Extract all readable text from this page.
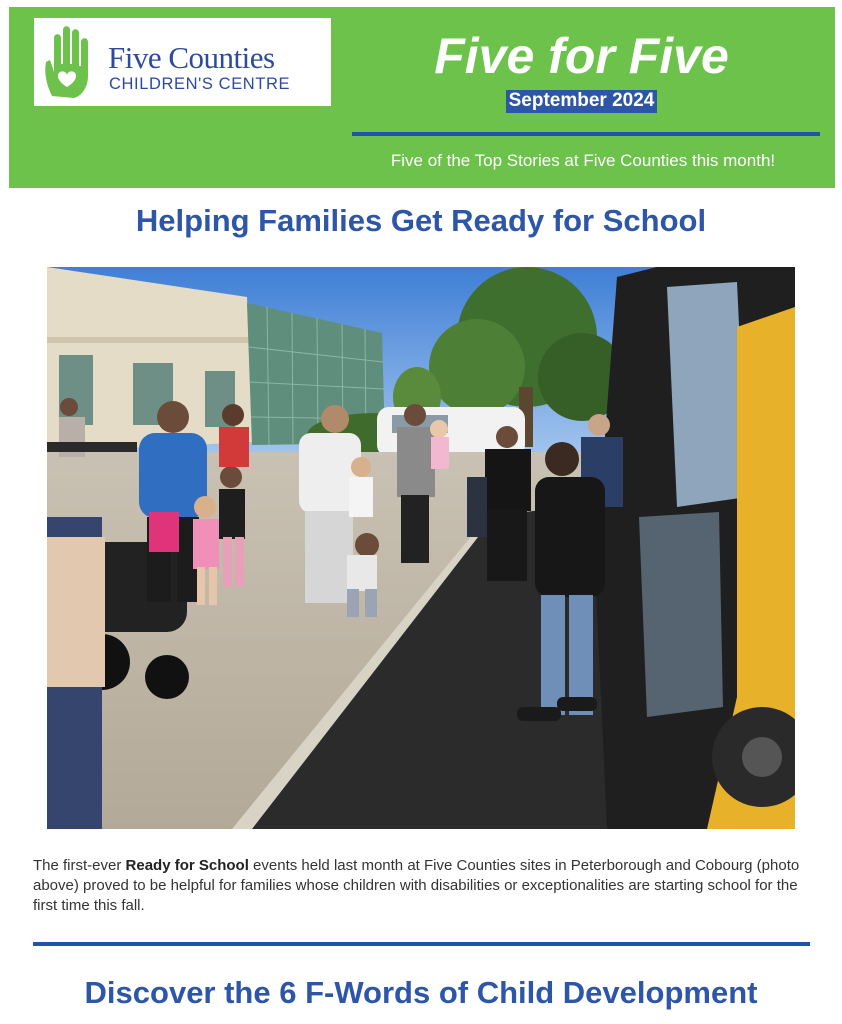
Five Counties
CHILDREN'S CENTRE	Five for Five
September 2024
Five of the Top Stories at Five Counties this month!
Helping Families Get Ready for School
The first-ever Ready for School events held last month at Five Counties sites in Peterborough and Cobourg (photo above) proved to be helpful for families whose children with disabilities or exceptionalities are starting school for the first time this fall.
Discover the 6 F-Words of Child Development
